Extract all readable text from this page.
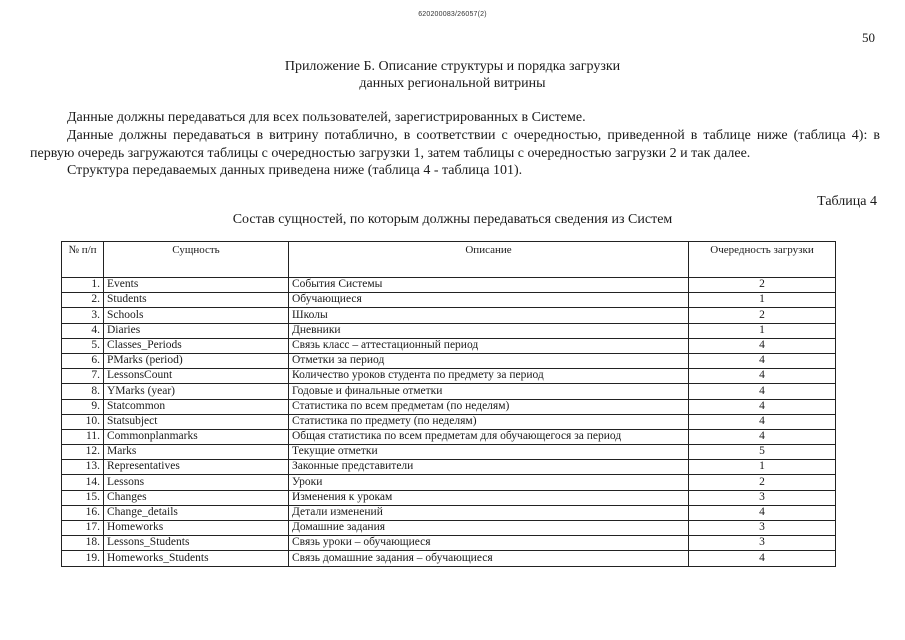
620200083/26057(2)
50
Приложение Б. Описание структуры и порядка загрузки
данных региональной витрины
Данные должны передаваться для всех пользователей, зарегистрированных в Системе.
Данные должны передаваться в витрину потаблично, в соответствии с очередностью, приведенной в таблице ниже (таблица 4): в первую очередь загружаются таблицы с очередностью загрузки 1, затем таблицы с очередностью загрузки 2 и так далее.
Структура передаваемых данных приведена ниже (таблица 4 - таблица 101).
Таблица 4
Состав сущностей, по которым должны передаваться сведения из Систем
№ п/п	Сущность	Описание	Очередность загрузки
1.	Events	События Системы	2
2.	Students	Обучающиеся	1
3.	Schools	Школы	2
4.	Diaries	Дневники	1
5.	Classes_Periods	Связь класс – аттестационный период	4
6.	PMarks (period)	Отметки за период	4
7.	LessonsCount	Количество уроков студента по предмету за период	4
8.	YMarks (year)	Годовые и финальные отметки	4
9.	Statcommon	Статистика по всем предметам (по неделям)	4
10.	Statsubject	Статистика по предмету (по неделям)	4
11.	Commonplanmarks	Общая статистика по всем предметам для обучающегося за период	4
12.	Marks	Текущие отметки	5
13.	Representatives	Законные представители	1
14.	Lessons	Уроки	2
15.	Changes	Изменения к урокам	3
16.	Change_details	Детали изменений	4
17.	Homeworks	Домашние задания	3
18.	Lessons_Students	Связь уроки – обучающиеся	3
19.	Homeworks_Students	Связь домашние задания – обучающиеся	4
